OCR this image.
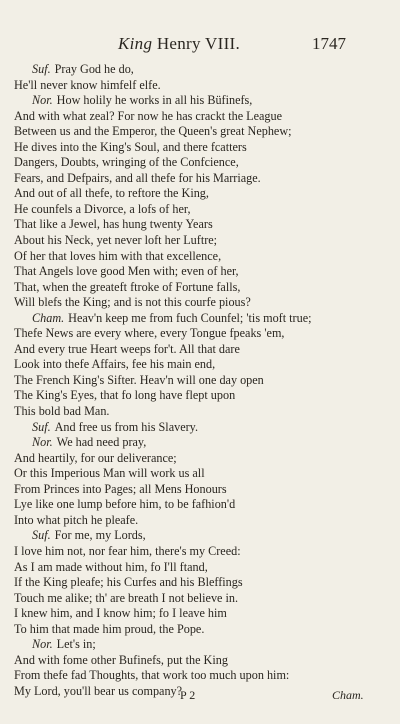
King Henry VIII.	1747
Suf. Pray God he do,
He'll never know himfelf elfe.
Nor. How holily he works in all his Büfinefs,
And with what zeal? For now he has crackt the League
Between us and the Emperor, the Queen's great Nephew;
He dives into the King's Soul, and there fcatters
Dangers, Doubts, wringing of the Confcience,
Fears, and Defpairs, and all thefe for his Marriage.
And out of all thefe, to reftore the King,
He counfels a Divorce, a lofs of her,
That like a Jewel, has hung twenty Years
About his Neck, yet never loft her Luftre;
Of her that loves him with that excellence,
That Angels love good Men with; even of her,
That, when the greateft ftroke of Fortune falls,
Will blefs the King; and is not this courfe pious?
Cham. Heav'n keep me from fuch Counfel; 'tis moft true;
Thefe News are every where, every Tongue fpeaks 'em,
And every true Heart weeps for't. All that dare
Look into thefe Affairs, fee his main end,
The French King's Sifter. Heav'n will one day open
The King's Eyes, that fo long have flept upon
This bold bad Man.
Suf. And free us from his Slavery.
Nor. We had need pray,
And heartily, for our deliverance;
Or this Imperious Man will work us all
From Princes into Pages; all Mens Honours
Lye like one lump before him, to be fafhion'd
Into what pitch he pleafe.
Suf. For me, my Lords,
I love him not, nor fear him, there's my Creed:
As I am made without him, fo I'll ftand,
If the King pleafe; his Curfes and his Bleffings
Touch me alike; th' are breath I not believe in.
I knew him, and I know him; fo I leave him
To him that made him proud, the Pope.
Nor. Let's in;
And with fome other Bufinefs, put the King
From thefe fad Thoughts, that work too much upon him:
My Lord, you'll bear us company?
P 2	Cham.
